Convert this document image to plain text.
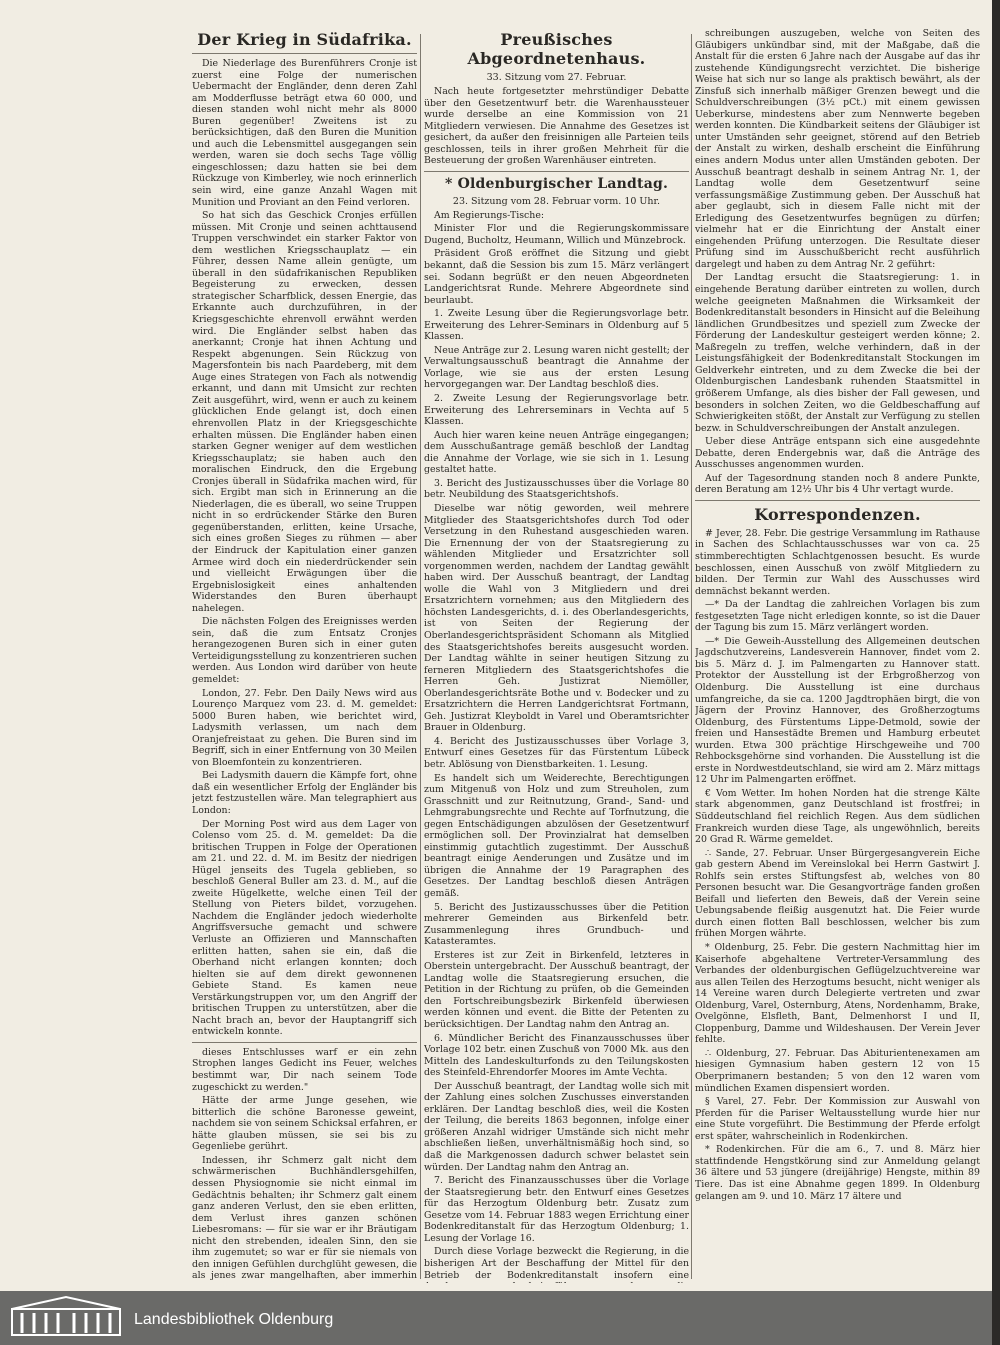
Der Krieg in Südafrika.

Die Niederlage des Burenführers Cronje ist zuerst eine Folge der numerischen Uebermacht der Engländer, denn deren Zahl am Modderflusse beträgt etwa 60 000, und diesen standen wohl nicht mehr als 8000 Buren gegenüber! Zweitens ist zu berücksichtigen, daß den Buren die Munition und auch die Lebensmittel ausgegangen sein werden, waren sie doch sechs Tage völlig eingeschlossen; dazu hatten sie bei dem Rückzuge von Kimberley, wie noch erinnerlich sein wird, eine ganze Anzahl Wagen mit Munition und Proviant an den Feind verloren.

So hat sich das Geschick Cronjes erfüllen müssen. Mit Cronje und seinen achttausend Truppen verschwindet ein starker Faktor von dem westlichen Kriegsschauplatz — ein Führer, dessen Name allein genügte, um überall in den südafrikanischen Republiken Begeisterung zu erwecken, dessen strategischer Scharfblick, dessen Energie, das Erkannte auch durchzuführen, in der Kriegsgeschichte ehrenvoll erwähnt werden wird. Die Engländer selbst haben das anerkannt; Cronje hat ihnen Achtung und Respekt abgenungen. Sein Rückzug von Magersfontein bis nach Paardeberg, mit dem Auge eines Strategen von Fach als notwendig erkannt, und dann mit Umsicht zur rechten Zeit ausgeführt, wird, wenn er auch zu keinem glücklichen Ende gelangt ist, doch einen ehrenvollen Platz in der Kriegsgeschichte erhalten müssen. Die Engländer haben einen starken Gegner weniger auf dem westlichen Kriegsschauplatz; sie haben auch den moralischen Eindruck, den die Ergebung Cronjes überall in Südafrika machen wird, für sich. Ergibt man sich in Erinnerung an die Niederlagen, die es überall, wo seine Truppen nicht in so erdrückender Stärke den Buren gegenüberstanden, erlitten, keine Ursache, sich eines großen Sieges zu rühmen — aber der Eindruck der Kapitulation einer ganzen Armee wird doch ein niederdrückender sein und vielleicht Erwägungen über die Ergebnislosigkeit eines anhaltenden Widerstandes den Buren überhaupt nahelegen.

Die nächsten Folgen des Ereignisses werden sein, daß die zum Entsatz Cronjes herangezogenen Buren sich in einer guten Verteidigungsstellung zu konzentrieren suchen werden. Aus London wird darüber von heute gemeldet:

London, 27. Febr. Den Daily News wird aus Lourenço Marquez vom 23. d. M. gemeldet: 5000 Buren haben, wie berichtet wird, Ladysmith verlassen, um nach dem Oranjefreistaat zu gehen. Die Buren sind im Begriff, sich in einer Entfernung von 30 Meilen von Bloemfontein zu konzentrieren.

Bei Ladysmith dauern die Kämpfe fort, ohne daß ein wesentlicher Erfolg der Engländer bis jetzt festzustellen wäre. Man telegraphiert aus London:

Der Morning Post wird aus dem Lager von Colenso vom 25. d. M. gemeldet: Da die britischen Truppen in Folge der Operationen am 21. und 22. d. M. im Besitz der niedrigen Hügel jenseits des Tugela geblieben, so beschloß General Buller am 23. d. M., auf die zweite Hügelkette, welche einen Teil der Stellung von Pieters bildet, vorzugehen. Nachdem die Engländer jedoch wiederholte Angriffsversuche gemacht und schwere Verluste an Offizieren und Mannschaften erlitten hatten, sahen sie ein, daß die Oberhand nicht erlangen konnten; doch hielten sie auf dem direkt gewonnenen Gebiete Stand. Es kamen neue Verstärkungstruppen vor, um den Angriff der britischen Truppen zu unterstützen, aber die Nacht brach an, bevor der Hauptangriff sich entwickeln konnte.

dieses Entschlusses warf er ein zehn Strophen langes Gedicht ins Feuer, welches bestimmt war, Dir nach seinem Tode zugeschickt zu werden."

Hätte der arme Junge gesehen, wie bitterlich die schöne Baronesse geweint, nachdem sie von seinem Schicksal erfahren, er hätte glauben müssen, sie sei bis zu Gegenliebe gerührt.

Indessen, ihr Schmerz galt nicht dem schwärmerischen Buchhändlersgehilfen, dessen Physiognomie sie nicht einmal im Gedächtnis behalten; ihr Schmerz galt einem ganz anderen Verlust, den sie eben erlitten, dem Verlust ihres ganzen schönen Liebesromans: — für sie war er ihr Bräutigam nicht den strebenden, idealen Sinn, den sie ihm zugemutet; so war er für sie niemals von den innigen Gefühlen durchglüht gewesen, die als jenes zwar mangelhaften, aber immerhin

Preußisches Abgeordnetenhaus.
33. Sitzung vom 27. Februar.

Nach heute fortgesetzter mehrstündiger Debatte über den Gesetzentwurf betr. die Warenhaussteuer wurde derselbe an eine Kommission von 21 Mitgliedern verwiesen. Die Annahme des Gesetzes ist gesichert, da außer den freisinnigen alle Parteien teils geschlossen, teils in ihrer großen Mehrheit für die Besteuerung der großen Warenhäuser eintreten.

* Oldenburgischer Landtag.
23. Sitzung vom 28. Februar vorm. 10 Uhr.

Am Regierungs-Tische:

Minister Flor und die Regierungskommissare Dugend, Bucholtz, Heumann, Willich und Münzebrock.

Präsident Groß eröffnet die Sitzung und giebt bekannt, daß die Session bis zum 15. März verlängert sei. Sodann begrüßt er den neuen Abgeordneten Landgerichtsrat Runde. Mehrere Abgeordnete sind beurlaubt.

1. Zweite Lesung über die Regierungsvorlage betr. Erweiterung des Lehrer-Seminars in Oldenburg auf 5 Klassen.

Neue Anträge zur 2. Lesung waren nicht gestellt; der Verwaltungsausschuß beantragt die Annahme der Vorlage, wie sie aus der ersten Lesung hervorgegangen war. Der Landtag beschloß dies.

2. Zweite Lesung der Regierungsvorlage betr. Erweiterung des Lehrerseminars in Vechta auf 5 Klassen.

Auch hier waren keine neuen Anträge eingegangen; dem Ausschußantrage gemäß beschloß der Landtag die Annahme der Vorlage, wie sie sich in 1. Lesung gestaltet hatte.

3. Bericht des Justizausschusses über die Vorlage 80 betr. Neubildung des Staatsgerichtshofs.

Dieselbe war nötig geworden, weil mehrere Mitglieder des Staatsgerichtshofes durch Tod oder Versetzung in den Ruhestand ausgeschieden waren. Die Ernennung der von der Staatsregierung zu wählenden Mitglieder und Ersatzrichter soll vorgenommen werden, nachdem der Landtag gewählt haben wird. Der Ausschuß beantragt, der Landtag wolle die Wahl von 3 Mitgliedern und drei Ersatzrichtern vornehmen; aus den Mitgliedern des höchsten Landesgerichts, d. i. des Oberlandesgerichts, ist von Seiten der Regierung der Oberlandesgerichtspräsident Schomann als Mitglied des Staatsgerichtshofes bereits ausgesucht worden. Der Landtag wählte in seiner heutigen Sitzung zu ferneren Mitgliedern des Staatsgerichtshofes die Herren Geh. Justizrat Niemöller, Oberlandesgerichtsräte Bothe und v. Bodecker und zu Ersatzrichtern die Herren Landgerichtsrat Fortmann, Geh. Justizrat Kleyboldt in Varel und Oberamtsrichter Brauer in Oldenburg.

4. Bericht des Justizausschusses über Vorlage 3, Entwurf eines Gesetzes für das Fürstentum Lübeck betr. Ablösung von Dienstbarkeiten. 1. Lesung.

Es handelt sich um Weiderechte, Berechtigungen zum Mitgenuß von Holz und zum Streuholen, zum Grasschnitt und zur Reitnutzung, Grand-, Sand- und Lehmgrabungsrechte und Rechte auf Torfnutzung, die gegen Entschädigungen abzulösen der Gesetzentwurf ermöglichen soll. Der Provinzialrat hat demselben einstimmig gutachtlich zugestimmt. Der Ausschuß beantragt einige Aenderungen und Zusätze und im übrigen die Annahme der 19 Paragraphen des Gesetzes. Der Landtag beschloß diesen Anträgen gemäß.

5. Bericht des Justizausschusses über die Petition mehrerer Gemeinden aus Birkenfeld betr. Zusammenlegung ihres Grundbuch- und Katasteramtes.

Ersteres ist zur Zeit in Birkenfeld, letzteres in Oberstein untergebracht. Der Ausschuß beantragt, der Landtag wolle die Staatsregierung ersuchen, die Petition in der Richtung zu prüfen, ob die Gemeinden den Fortschreibungsbezirk Birkenfeld überwiesen werden können und event. die Bitte der Petenten zu berücksichtigen. Der Landtag nahm den Antrag an.

6. Mündlicher Bericht des Finanzausschusses über Vorlage 102 betr. einen Zuschuß von 7000 Mk. aus den Mitteln des Landeskulturfonds zu den Teilungskosten des Steinfeld-Ehrendorfer Moores im Amte Vechta.

Der Ausschuß beantragt, der Landtag wolle sich mit der Zahlung eines solchen Zuschusses einverstanden erklären. Der Landtag beschloß dies, weil die Kosten der Teilung, die bereits 1863 begonnen, infolge einer größeren Anzahl widriger Umstände sich nicht mehr abschließen ließen, unverhältnismäßig hoch sind, so daß die Markgenossen dadurch schwer belastet sein würden. Der Landtag nahm den Antrag an.

7. Bericht des Finanzausschusses über die Vorlage der Staatsregierung betr. den Entwurf eines Gesetzes für das Herzogtum Oldenburg betr. Zusatz zum Gesetze vom 14. Februar 1883 wegen Errichtung einer Bodenkreditanstalt für das Herzogtum Oldenburg; 1. Lesung der Vorlage 16.

Durch diese Vorlage bezweckt die Regierung, in die bisherigen Art der Beschaffung der Mittel für den Betrieb der Bodenkreditanstalt insofern eine

schreibungen auszugeben, welche von Seiten des Gläubigers unkündbar sind, mit der Maßgabe, daß die Anstalt für die ersten 6 Jahre nach der Ausgabe auf das ihr zustehende Kündigungsrecht verzichtet. Die bisherige Weise hat sich nur so lange als praktisch bewährt, als der Zinsfuß sich innerhalb mäßiger Grenzen bewegt und die Schuldverschreibungen (3½ pCt.) mit einem gewissen Ueberkurse, mindestens aber zum Nennwerte begeben werden konnten. Die Kündbarkeit seitens der Gläubiger ist unter Umständen sehr geeignet, störend auf den Betrieb der Anstalt zu wirken, deshalb erscheint die Einführung eines andern Modus unter allen Umständen geboten. Der Ausschuß beantragt deshalb in seinem Antrag Nr. 1, der Landtag wolle dem Gesetzentwurf seine verfassungsmäßige Zustimmung geben. Der Ausschuß hat aber geglaubt, sich in diesem Falle nicht mit der Erledigung des Gesetzentwurfes begnügen zu dürfen; vielmehr hat er die Einrichtung der Anstalt einer eingehenden Prüfung unterzogen. Die Resultate dieser Prüfung sind im Ausschußbericht recht ausführlich dargelegt und haben zu dem Antrag Nr. 2 geführt:

Der Landtag ersucht die Staatsregierung: 1. in eingehende Beratung darüber eintreten zu wollen, durch welche geeigneten Maßnahmen die Wirksamkeit der Bodenkreditanstalt besonders in Hinsicht auf die Beleihung ländlichen Grundbesitzes und speziell zum Zwecke der Förderung der Landeskultur gesteigert werden könne; 2. Maßregeln zu treffen, welche verhindern, daß in der Leistungsfähigkeit der Bodenkreditanstalt Stockungen im Geldverkehr eintreten, und zu dem Zwecke die bei der Oldenburgischen Landesbank ruhenden Staatsmittel in größerem Umfange, als dies bisher der Fall gewesen, und besonders in solchen Zeiten, wo die Geldbeschaffung auf Schwierigkeiten stößt, der Anstalt zur Verfügung zu stellen bezw. in Schuldverschreibungen der Anstalt anzulegen.

Ueber diese Anträge entspann sich eine ausgedehnte Debatte, deren Endergebnis war, daß die Anträge des Ausschusses angenommen wurden.

Auf der Tagesordnung standen noch 8 andere Punkte, deren Beratung am 12½ Uhr bis 4 Uhr vertagt wurde.

Korrespondenzen.

# Jever, 28. Febr. Die gestrige Versammlung im Rathause in Sachen des Schlachtausschusses war von ca. 25 stimmberechtigten Schlachtgenossen besucht. Es wurde beschlossen, einen Ausschuß von zwölf Mitgliedern zu bilden. Der Termin zur Wahl des Ausschusses wird demnächst bekannt werden.

—* Da der Landtag die zahlreichen Vorlagen bis zum festgesetzten Tage nicht erledigen konnte, so ist die Dauer der Tagung bis zum 15. März verlängert worden.

—* Die Geweih-Ausstellung des Allgemeinen deutschen Jagdschutzvereins, Landesverein Hannover, findet vom 2. bis 5. März d. J. im Palmengarten zu Hannover statt. Protektor der Ausstellung ist der Erbgroßherzog von Oldenburg. Die Ausstellung ist eine durchaus umfangreiche, da sie ca. 1200 Jagdtrophäen birgt, die von Jägern der Provinz Hannover, des Großherzogtums Oldenburg, des Fürstentums Lippe-Detmold, sowie der freien und Hansestädte Bremen und Hamburg erbeutet wurden. Etwa 300 prächtige Hirschgeweihe und 700 Rehbocksgehörne sind vorhanden. Die Ausstellung ist die erste in Nordwestdeutschland, sie wird am 2. März mittags 12 Uhr im Palmengarten eröffnet.

€ Vom Wetter. Im hohen Norden hat die strenge Kälte stark abgenommen, ganz Deutschland ist frostfrei; in Süddeutschland fiel reichlich Regen. Aus dem südlichen Frankreich wurden diese Tage, als ungewöhnlich, bereits 20 Grad R. Wärme gemeldet.

∴ Sande, 27. Februar. Unser Bürgergesangverein Eiche gab gestern Abend im Vereinslokal bei Herrn Gastwirt J. Rohlfs sein erstes Stiftungsfest ab, welches von 80 Personen besucht war. Die Gesangvorträge fanden großen Beifall und lieferten den Beweis, daß der Verein seine Uebungsabende fleißig ausgenutzt hat. Die Feier wurde durch einen flotten Ball beschlossen, welcher bis zum frühen Morgen währte.

* Oldenburg, 25. Febr. Die gestern Nachmittag hier im Kaiserhofe abgehaltene Vertreter-Versammlung des Verbandes der oldenburgischen Geflügelzuchtvereine war aus allen Teilen des Herzogtums besucht, nicht weniger als 14 Vereine waren durch Delegierte vertreten und zwar Oldenburg, Varel, Osternburg, Atens, Nordenhamm, Brake, Ovelgönne, Elsfleth, Bant, Delmenhorst I und II, Cloppenburg, Damme und Wildeshausen. Der Verein Jever fehlte.

∴ Oldenburg, 27. Februar. Das Abiturientenexamen am hiesigen Gymnasium haben gestern 12 von 15 Oberprimanern bestanden; 5 von den 12 waren vom mündlichen Examen dispensiert worden.

§ Varel, 27. Febr. Der Kommission zur Auswahl von Pferden für die Pariser Weltausstellung wurde hier nur eine Stute vorgeführt. Die Bestimmung der Pferde erfolgt erst später, wahrscheinlich in Rodenkirchen.

* Rodenkirchen. Für die am 6., 7. und 8. März hier stattfindende Hengstkörung sind zur Anmeldung gelangt 36 ältere und 53 jüngere (dreijährige) Hengste, mithin 89 Tiere. Das ist eine Abnahme gegen 1899. In Oldenburg gelangen am 9. und 10. März 17 ältere und

Landesbibliothek Oldenburg
